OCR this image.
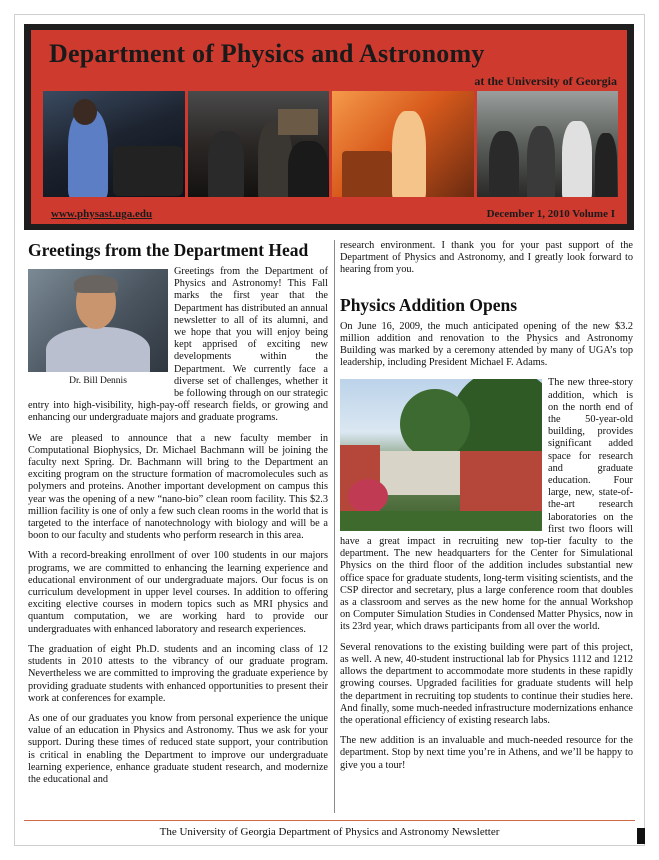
Department of Physics and Astronomy
at the University of Georgia
www.physast.uga.edu	December 1, 2010 Volume I
Greetings from the Department Head
Dr. Bill Dennis

Greetings from the Department of Physics and Astronomy! This Fall marks the first year that the Department has distributed an annual newsletter to all of its alumni, and we hope that you will enjoy being kept apprised of exciting new developments within the Department. We currently face a diverse set of challenges, whether it be following through on our strategic entry into high-visibility, high-pay-off research fields, or growing and enhancing our undergraduate majors and graduate programs.

We are pleased to announce that a new faculty member in Computational Biophysics, Dr. Michael Bachmann will be joining the faculty next Spring. Dr. Bachmann will bring to the Department an exciting program on the structure formation of macromolecules such as polymers and proteins. Another important development on campus this year was the opening of a new “nano-bio” clean room facility. This $2.3 million facility is one of only a few such clean rooms in the world that is targeted to the interface of nanotechnology with biology and will be a boon to our faculty and students who perform research in this area.

With a record-breaking enrollment of over 100 students in our majors programs, we are committed to enhancing the learning experience and educational environment of our undergraduate majors. Our focus is on curriculum development in upper level courses. In addition to offering exciting elective courses in modern topics such as MRI physics and quantum computation, we are working hard to provide our undergraduates with enhanced laboratory and research experiences.

The graduation of eight Ph.D. students and an incoming class of 12 students in 2010 attests to the vibrancy of our graduate program. Nevertheless we are committed to improving the graduate experience by providing graduate students with enhanced opportunities to present their work at conferences for example.

As one of our graduates you know from personal experience the unique value of an education in Physics and Astronomy. Thus we ask for your support. During these times of reduced state support, your contribution is critical in enabling the Department to improve our undergraduate learning experience, enhance graduate student research, and modernize the educational and

research environment. I thank you for your past support of the Department of Physics and Astronomy, and I greatly look forward to hearing from you.

Physics Addition Opens

On June 16, 2009, the much anticipated opening of the new $3.2 million addition and renovation to the Physics and Astronomy Building was marked by a ceremony attended by many of UGA’s top leadership, including President Michael F. Adams.

The new three-story addition, which is on the north end of the 50-year-old building, provides significant added space for research and graduate education. Four large, new, state-of-the-art research laboratories on the first two floors will have a great impact in recruiting new top-tier faculty to the department. The new headquarters for the Center for Simulational Physics on the third floor of the addition includes substantial new office space for graduate students, long-term visiting scientists, and the CSP director and secretary, plus a large conference room that doubles as a classroom and serves as the new home for the annual Workshop on Computer Simulation Studies in Condensed Matter Physics, now in its 23rd year, which draws participants from all over the world.

Several renovations to the existing building were part of this project, as well. A new, 40-student instructional lab for Physics 1112 and 1212 allows the department to accommodate more students in these rapidly growing courses. Upgraded facilities for graduate students will help the department in recruiting top students to continue their studies here. And finally, some much-needed infrastructure modernizations enhance the operational efficiency of existing research labs.

The new addition is an invaluable and much-needed resource for the department. Stop by next time you’re in Athens, and we’ll be happy to give you a tour!

The University of Georgia Department of Physics and Astronomy Newsletter
